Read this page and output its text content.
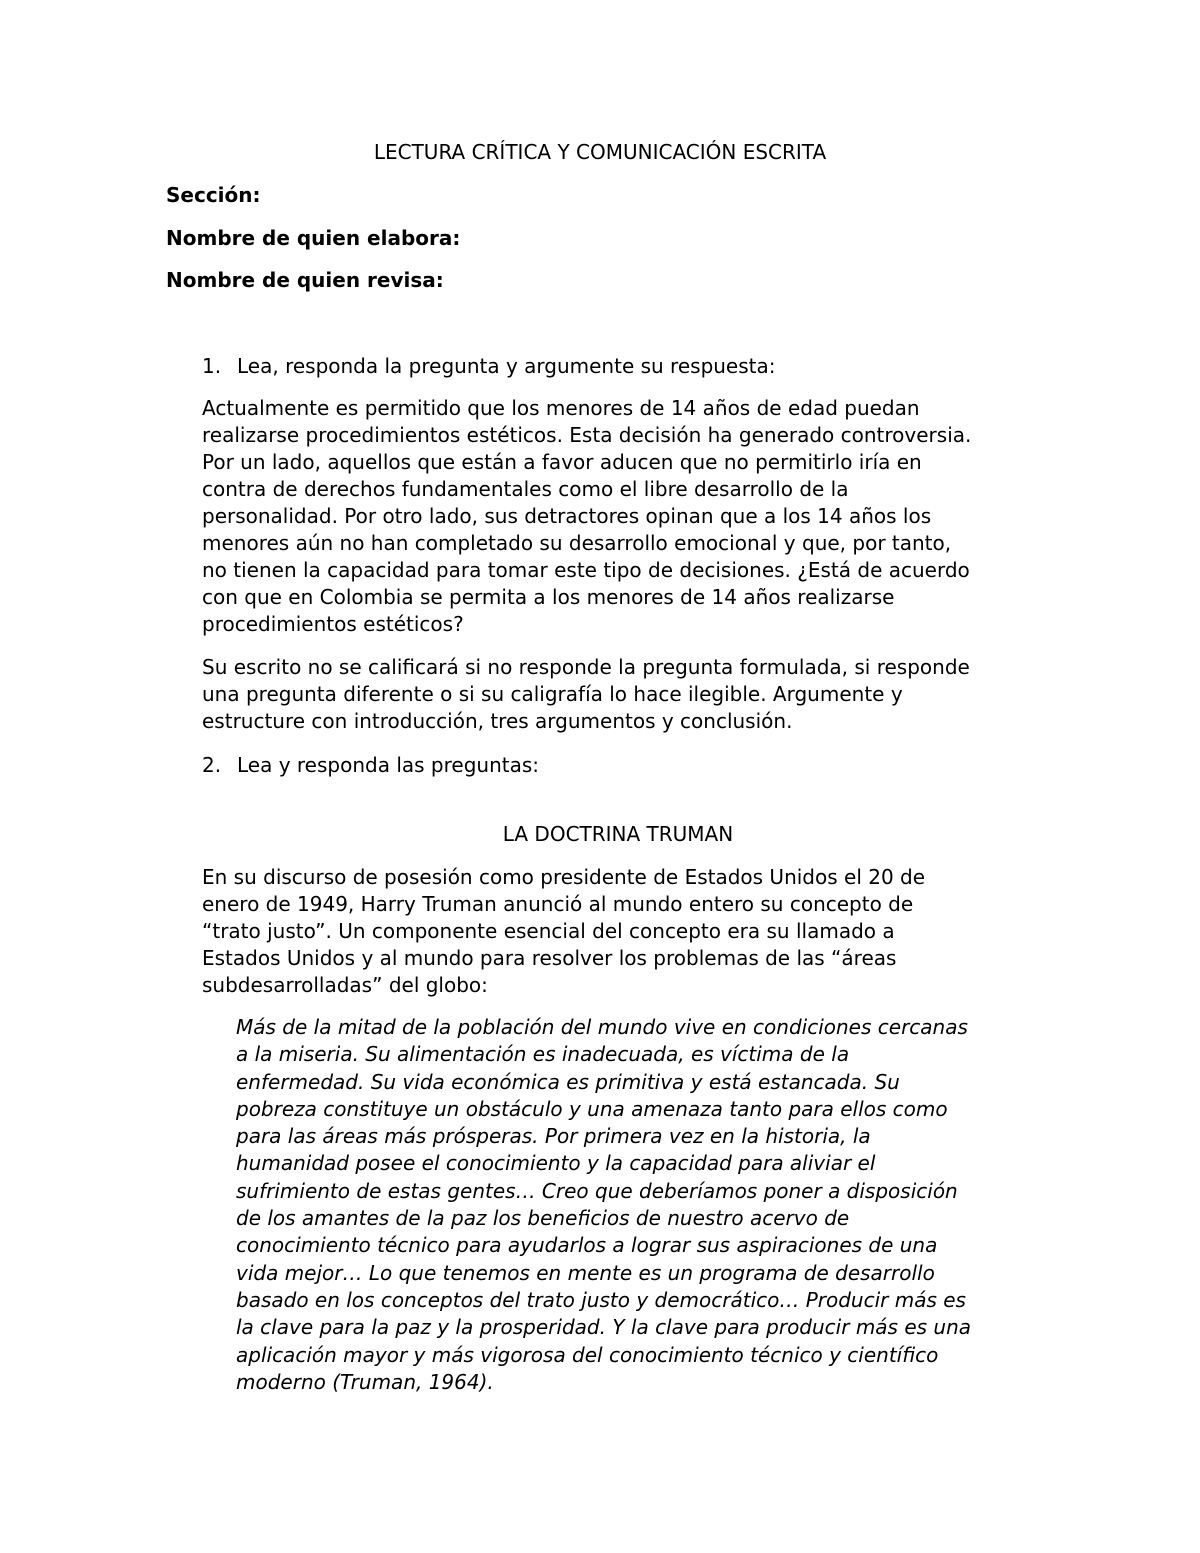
LECTURA CRÍTICA Y COMUNICACIÓN ESCRITA

Sección:

Nombre de quien elabora:

Nombre de quien revisa:

1. Lea, responda la pregunta y argumente su respuesta:

Actualmente es permitido que los menores de 14 años de edad puedan
realizarse procedimientos estéticos. Esta decisión ha generado controversia.
Por un lado, aquellos que están a favor aducen que no permitirlo iría en
contra de derechos fundamentales como el libre desarrollo de la
personalidad. Por otro lado, sus detractores opinan que a los 14 años los
menores aún no han completado su desarrollo emocional y que, por tanto,
no tienen la capacidad para tomar este tipo de decisiones. ¿Está de acuerdo
con que en Colombia se permita a los menores de 14 años realizarse
procedimientos estéticos?

Su escrito no se calificará si no responde la pregunta formulada, si responde
una pregunta diferente o si su caligrafía lo hace ilegible. Argumente y
estructure con introducción, tres argumentos y conclusión.

2. Lea y responda las preguntas:
LA DOCTRINA TRUMAN

En su discurso de posesión como presidente de Estados Unidos el 20 de
enero de 1949, Harry Truman anunció al mundo entero su concepto de
“trato justo”. Un componente esencial del concepto era su llamado a
Estados Unidos y al mundo para resolver los problemas de las “áreas
subdesarrolladas” del globo:

Más de la mitad de la población del mundo vive en condiciones cercanas
a la miseria. Su alimentación es inadecuada, es víctima de la
enfermedad. Su vida económica es primitiva y está estancada. Su
pobreza constituye un obstáculo y una amenaza tanto para ellos como
para las áreas más prósperas. Por primera vez en la historia, la
humanidad posee el conocimiento y la capacidad para aliviar el
sufrimiento de estas gentes… Creo que deberíamos poner a disposición
de los amantes de la paz los beneficios de nuestro acervo de
conocimiento técnico para ayudarlos a lograr sus aspiraciones de una
vida mejor… Lo que tenemos en mente es un programa de desarrollo
basado en los conceptos del trato justo y democrático… Producir más es
la clave para la paz y la prosperidad. Y la clave para producir más es una
aplicación mayor y más vigorosa del conocimiento técnico y científico
moderno (Truman, 1964).
